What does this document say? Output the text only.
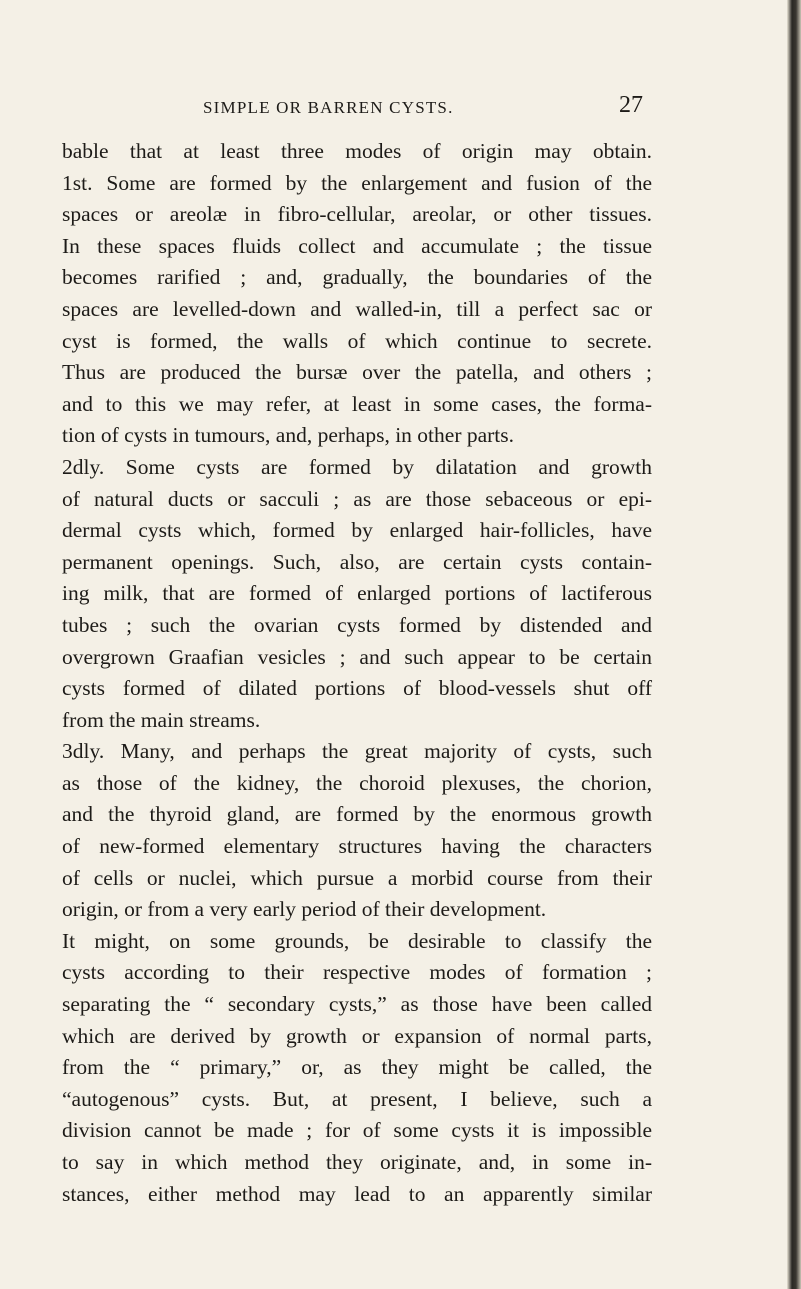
SIMPLE OR BARREN CYSTS.	27
bable that at least three modes of origin may obtain.
1st. Some are formed by the enlargement and fusion of the
spaces or areolæ in fibro-cellular, areolar, or other tissues.
In these spaces fluids collect and accumulate ; the tissue
becomes rarified ; and, gradually, the boundaries of the
spaces are levelled-down and walled-in, till a perfect sac or
cyst is formed, the walls of which continue to secrete.
Thus are produced the bursæ over the patella, and others ;
and to this we may refer, at least in some cases, the forma-
tion of cysts in tumours, and, perhaps, in other parts.
2dly. Some cysts are formed by dilatation and growth
of natural ducts or sacculi ; as are those sebaceous or epi-
dermal cysts which, formed by enlarged hair-follicles, have
permanent openings. Such, also, are certain cysts contain-
ing milk, that are formed of enlarged portions of lactiferous
tubes ; such the ovarian cysts formed by distended and
overgrown Graafian vesicles ; and such appear to be certain
cysts formed of dilated portions of blood-vessels shut off
from the main streams.
3dly. Many, and perhaps the great majority of cysts, such
as those of the kidney, the choroid plexuses, the chorion,
and the thyroid gland, are formed by the enormous growth
of new-formed elementary structures having the characters
of cells or nuclei, which pursue a morbid course from their
origin, or from a very early period of their development.
It might, on some grounds, be desirable to classify the
cysts according to their respective modes of formation ;
separating the “ secondary cysts,” as those have been called
which are derived by growth or expansion of normal parts,
from the “ primary,” or, as they might be called, the
“autogenous” cysts. But, at present, I believe, such a
division cannot be made ; for of some cysts it is impossible
to say in which method they originate, and, in some in-
stances, either method may lead to an apparently similar
